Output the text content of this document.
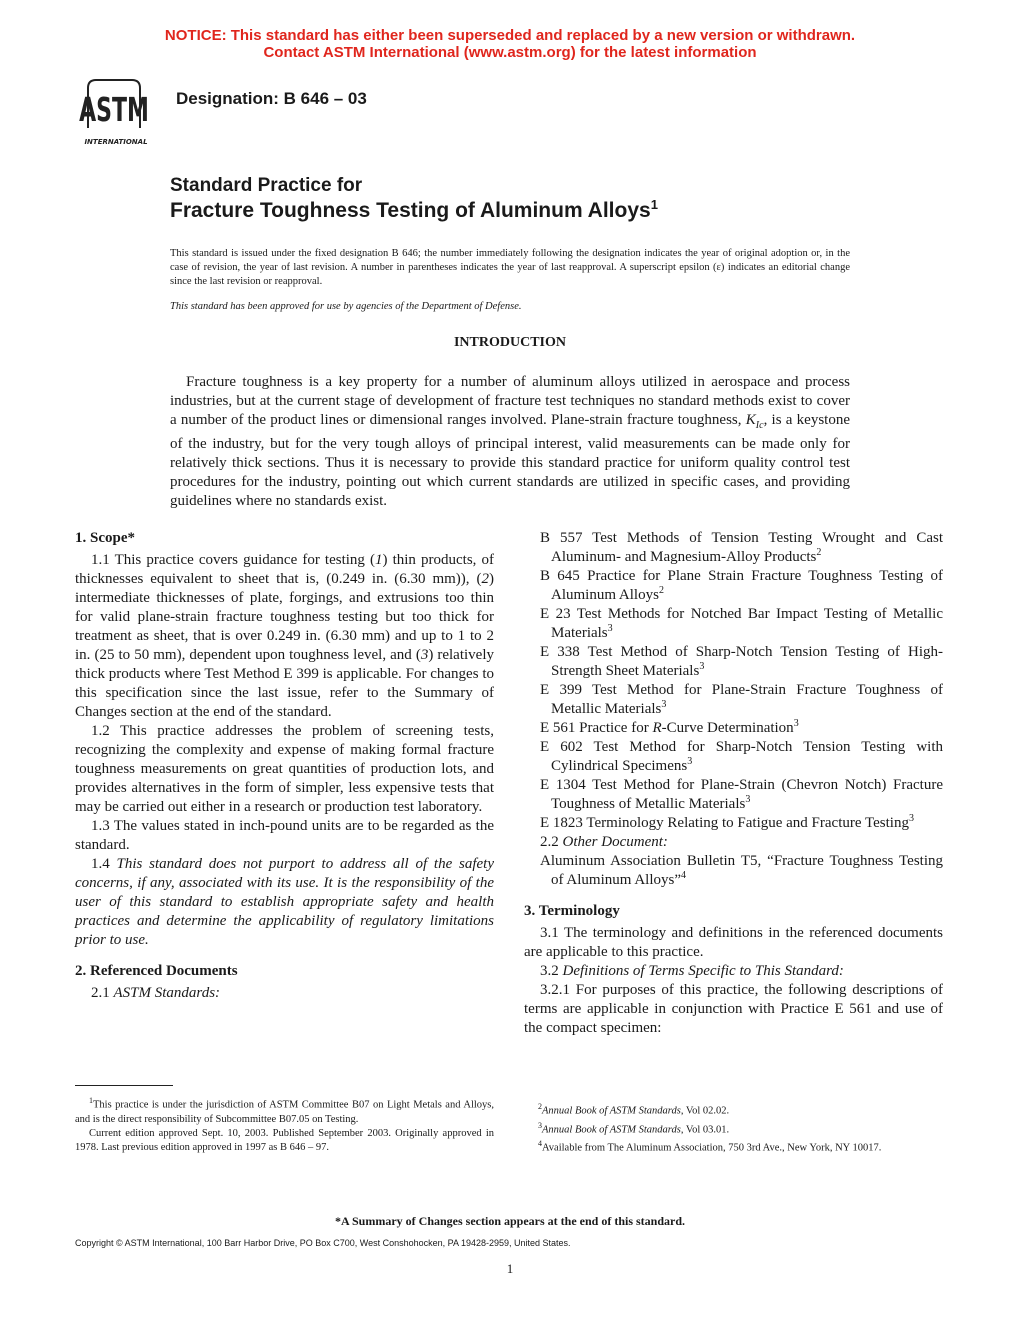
NOTICE: This standard has either been superseded and replaced by a new version or withdrawn.
Contact ASTM International (www.astm.org) for the latest information
ASTM
INTERNATIONAL
Designation: B 646 – 03
Standard Practice for
Fracture Toughness Testing of Aluminum Alloys$^1$
This standard is issued under the fixed designation B 646; the number immediately following the designation indicates the year of original adoption or, in the case of revision, the year of last revision. A number in parentheses indicates the year of last reapproval. A superscript epsilon (ε) indicates an editorial change since the last revision or reapproval.
This standard has been approved for use by agencies of the Department of Defense.
INTRODUCTION
Fracture toughness is a key property for a number of aluminum alloys utilized in aerospace and process industries, but at the current stage of development of fracture test techniques no standard methods exist to cover a number of the product lines or dimensional ranges involved. Plane-strain fracture toughness, $K_{Ic}$, is a keystone of the industry, but for the very tough alloys of principal interest, valid measurements can be made only for relatively thick sections. Thus it is necessary to provide this standard practice for uniform quality control test procedures for the industry, pointing out which current standards are utilized in specific cases, and providing guidelines where no standards exist.
1. Scope*
1.1 This practice covers guidance for testing (1) thin products, of thicknesses equivalent to sheet that is, (0.249 in. (6.30 mm)), (2) intermediate thicknesses of plate, forgings, and extrusions too thin for valid plane-strain fracture toughness testing but too thick for treatment as sheet, that is over 0.249 in. (6.30 mm) and up to 1 to 2 in. (25 to 50 mm), dependent upon toughness level, and (3) relatively thick products where Test Method E 399 is applicable. For changes to this specification since the last issue, refer to the Summary of Changes section at the end of the standard.
1.2 This practice addresses the problem of screening tests, recognizing the complexity and expense of making formal fracture toughness measurements on great quantities of production lots, and provides alternatives in the form of simpler, less expensive tests that may be carried out either in a research or production test laboratory.
1.3 The values stated in inch-pound units are to be regarded as the standard.
1.4 This standard does not purport to address all of the safety concerns, if any, associated with its use. It is the responsibility of the user of this standard to establish appropriate safety and health practices and determine the applicability of regulatory limitations prior to use.
2. Referenced Documents
2.1 ASTM Standards:
B 557 Test Methods of Tension Testing Wrought and Cast Aluminum- and Magnesium-Alloy Products$^2$
B 645 Practice for Plane Strain Fracture Toughness Testing of Aluminum Alloys$^2$
E 23 Test Methods for Notched Bar Impact Testing of Metallic Materials$^3$
E 338 Test Method of Sharp-Notch Tension Testing of High-Strength Sheet Materials$^3$
E 399 Test Method for Plane-Strain Fracture Toughness of Metallic Materials$^3$
E 561 Practice for R-Curve Determination$^3$
E 602 Test Method for Sharp-Notch Tension Testing with Cylindrical Specimens$^3$
E 1304 Test Method for Plane-Strain (Chevron Notch) Fracture Toughness of Metallic Materials$^3$
E 1823 Terminology Relating to Fatigue and Fracture Testing$^3$
2.2 Other Document:
Aluminum Association Bulletin T5, “Fracture Toughness Testing of Aluminum Alloys”$^4$
3. Terminology
3.1 The terminology and definitions in the referenced documents are applicable to this practice.
3.2 Definitions of Terms Specific to This Standard:
3.2.1 For purposes of this practice, the following descriptions of terms are applicable in conjunction with Practice E 561 and use of the compact specimen:
$^1$This practice is under the jurisdiction of ASTM Committee B07 on Light Metals and Alloys, and is the direct responsibility of Subcommittee B07.05 on Testing.
Current edition approved Sept. 10, 2003. Published September 2003. Originally approved in 1978. Last previous edition approved in 1997 as B 646 – 97.
$^2$Annual Book of ASTM Standards, Vol 02.02.
$^3$Annual Book of ASTM Standards, Vol 03.01.
$^4$Available from The Aluminum Association, 750 3rd Ave., New York, NY 10017.
*A Summary of Changes section appears at the end of this standard.
Copyright © ASTM International, 100 Barr Harbor Drive, PO Box C700, West Conshohocken, PA 19428-2959, United States.
1
